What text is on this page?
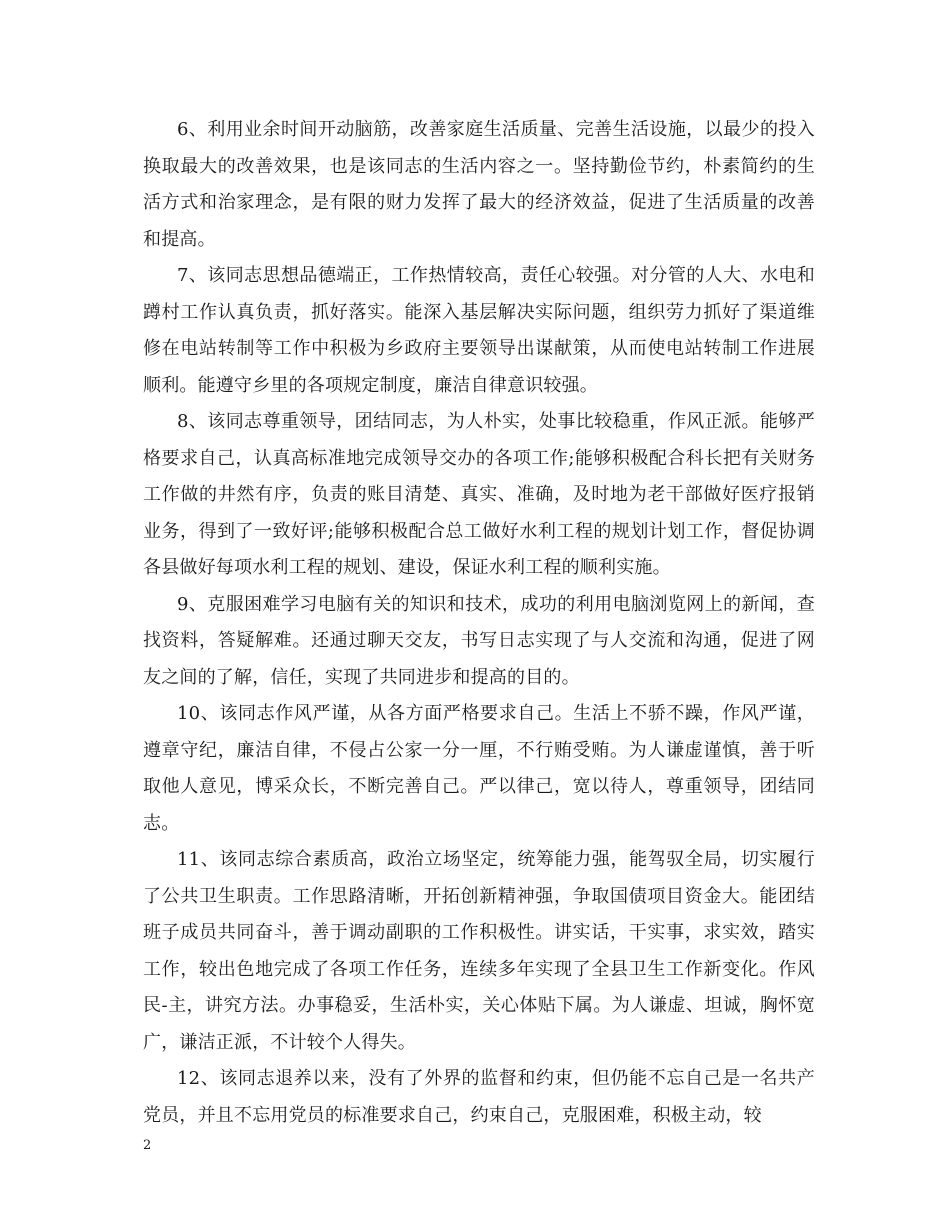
6、利用业余时间开动脑筋，改善家庭生活质量、完善生活设施，以最少的投入换取最大的改善效果，也是该同志的生活内容之一。坚持勤俭节约，朴素简约的生活方式和治家理念，是有限的财力发挥了最大的经济效益，促进了生活质量的改善和提高。

7、该同志思想品德端正，工作热情较高，责任心较强。对分管的人大、水电和蹲村工作认真负责，抓好落实。能深入基层解决实际问题，组织劳力抓好了渠道维修在电站转制等工作中积极为乡政府主要领导出谋献策，从而使电站转制工作进展顺利。能遵守乡里的各项规定制度，廉洁自律意识较强。

8、该同志尊重领导，团结同志，为人朴实，处事比较稳重，作风正派。能够严格要求自己，认真高标准地完成领导交办的各项工作;能够积极配合科长把有关财务工作做的井然有序，负责的账目清楚、真实、准确，及时地为老干部做好医疗报销业务，得到了一致好评;能够积极配合总工做好水利工程的规划计划工作，督促协调各县做好每项水利工程的规划、建设，保证水利工程的顺利实施。

9、克服困难学习电脑有关的知识和技术，成功的利用电脑浏览网上的新闻，查找资料，答疑解难。还通过聊天交友，书写日志实现了与人交流和沟通，促进了网友之间的了解，信任，实现了共同进步和提高的目的。

10、该同志作风严谨，从各方面严格要求自己。生活上不骄不躁，作风严谨，遵章守纪，廉洁自律，不侵占公家一分一厘，不行贿受贿。为人谦虚谨慎，善于听取他人意见，博采众长，不断完善自己。严以律己，宽以待人，尊重领导，团结同志。

11、该同志综合素质高，政治立场坚定，统筹能力强，能驾驭全局，切实履行了公共卫生职责。工作思路清晰，开拓创新精神强，争取国债项目资金大。能团结班子成员共同奋斗，善于调动副职的工作积极性。讲实话，干实事，求实效，踏实工作，较出色地完成了各项工作任务，连续多年实现了全县卫生工作新变化。作风民-主，讲究方法。办事稳妥，生活朴实，关心体贴下属。为人谦虚、坦诚，胸怀宽广，谦洁正派，不计较个人得失。

12、该同志退养以来，没有了外界的监督和约束，但仍能不忘自己是一名共产党员，并且不忘用党员的标准要求自己，约束自己，克服困难，积极主动，较

2
